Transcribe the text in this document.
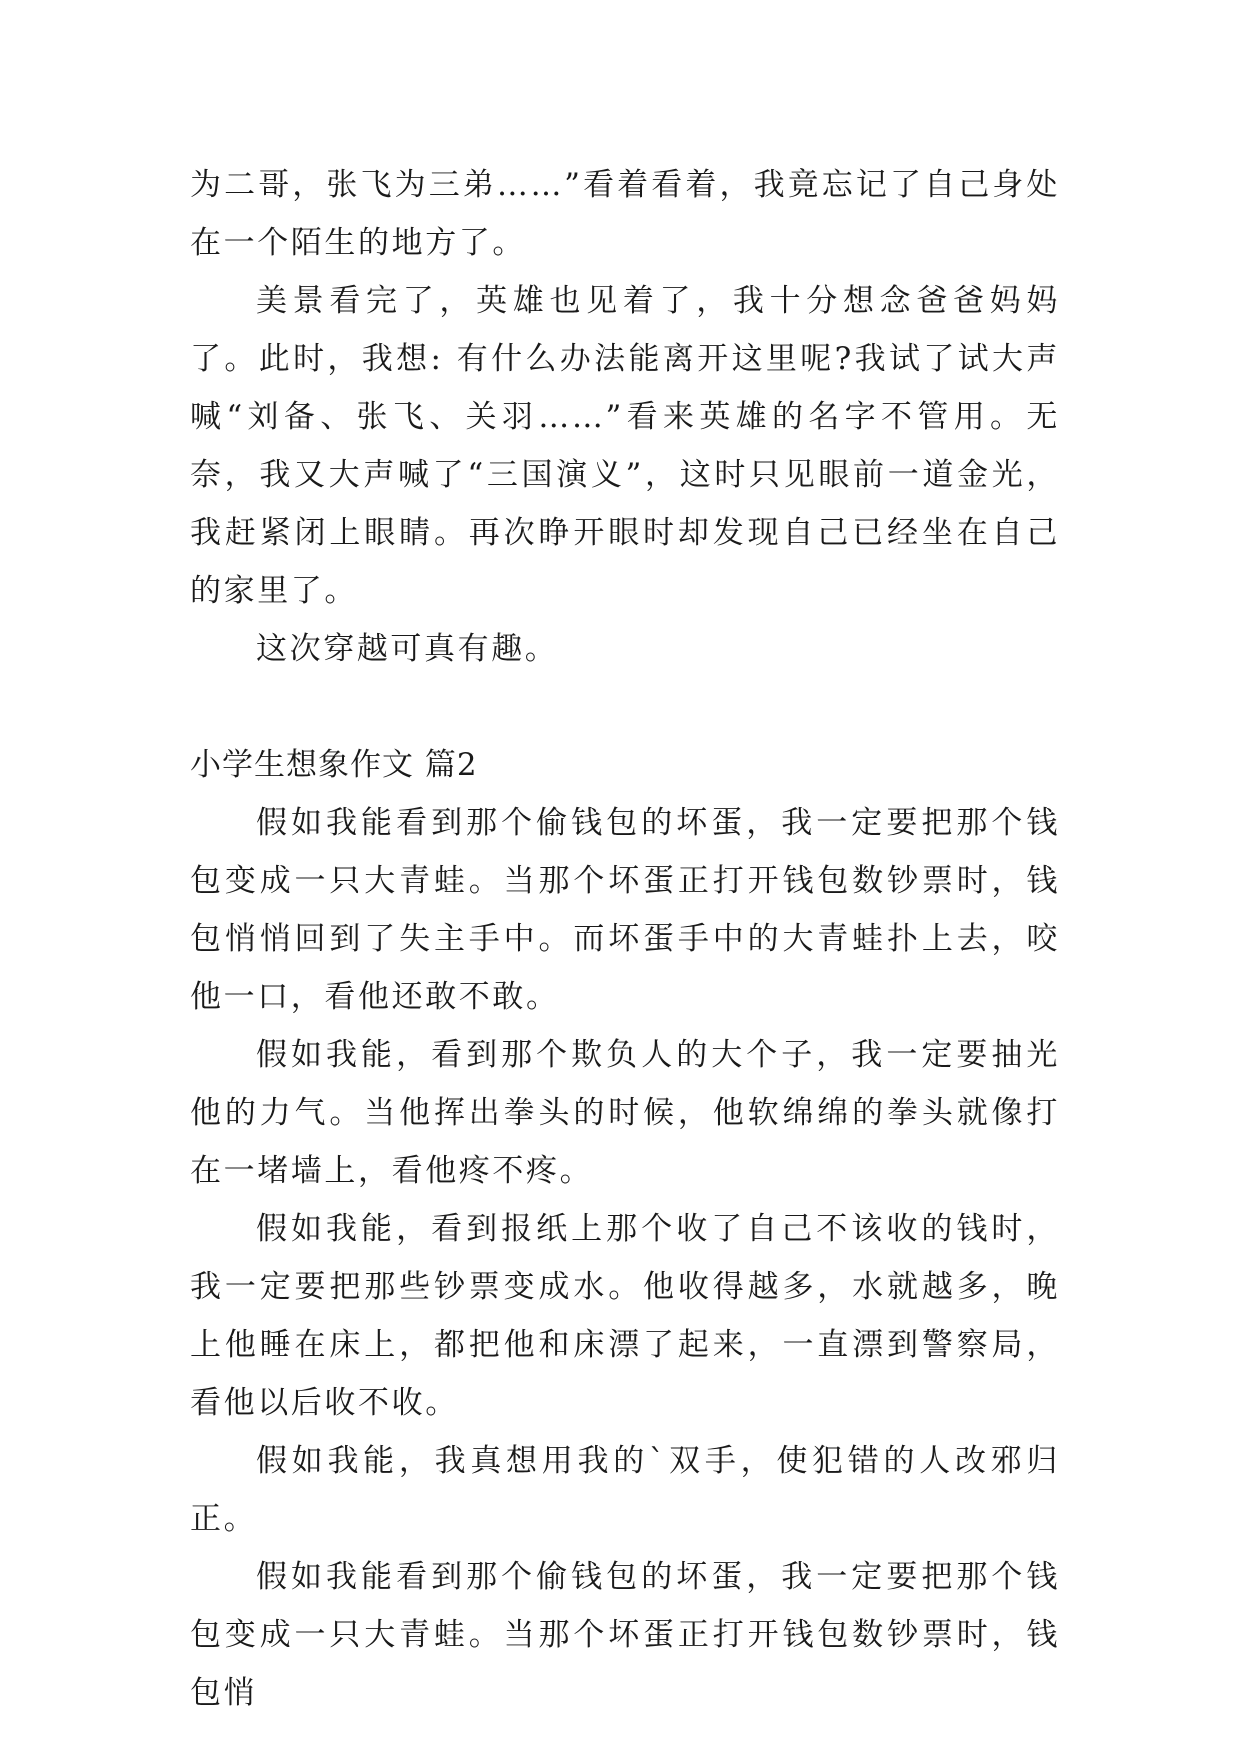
为二哥，张飞为三弟……”看着看着，我竟忘记了自己身处在一个陌生的地方了。

美景看完了，英雄也见着了，我十分想念爸爸妈妈了。此时，我想: 有什么办法能离开这里呢?我试了试大声喊“刘备、张飞、关羽……”看来英雄的名字不管用。无奈，我又大声喊了“三国演义”，这时只见眼前一道金光，我赶紧闭上眼睛。再次睁开眼时却发现自己已经坐在自己的家里了。

这次穿越可真有趣。

小学生想象作文 篇2

假如我能看到那个偷钱包的坏蛋，我一定要把那个钱包变成一只大青蛙。当那个坏蛋正打开钱包数钞票时，钱包悄悄回到了失主手中。而坏蛋手中的大青蛙扑上去，咬他一口，看他还敢不敢。

假如我能，看到那个欺负人的大个子，我一定要抽光他的力气。当他挥出拳头的时候，他软绵绵的拳头就像打在一堵墙上，看他疼不疼。

假如我能，看到报纸上那个收了自己不该收的钱时，我一定要把那些钞票变成水。他收得越多，水就越多，晚上他睡在床上，都把他和床漂了起来，一直漂到警察局，看他以后收不收。

假如我能，我真想用我的`双手，使犯错的人改邪归正。

假如我能看到那个偷钱包的坏蛋，我一定要把那个钱包变成一只大青蛙。当那个坏蛋正打开钱包数钞票时，钱包悄
